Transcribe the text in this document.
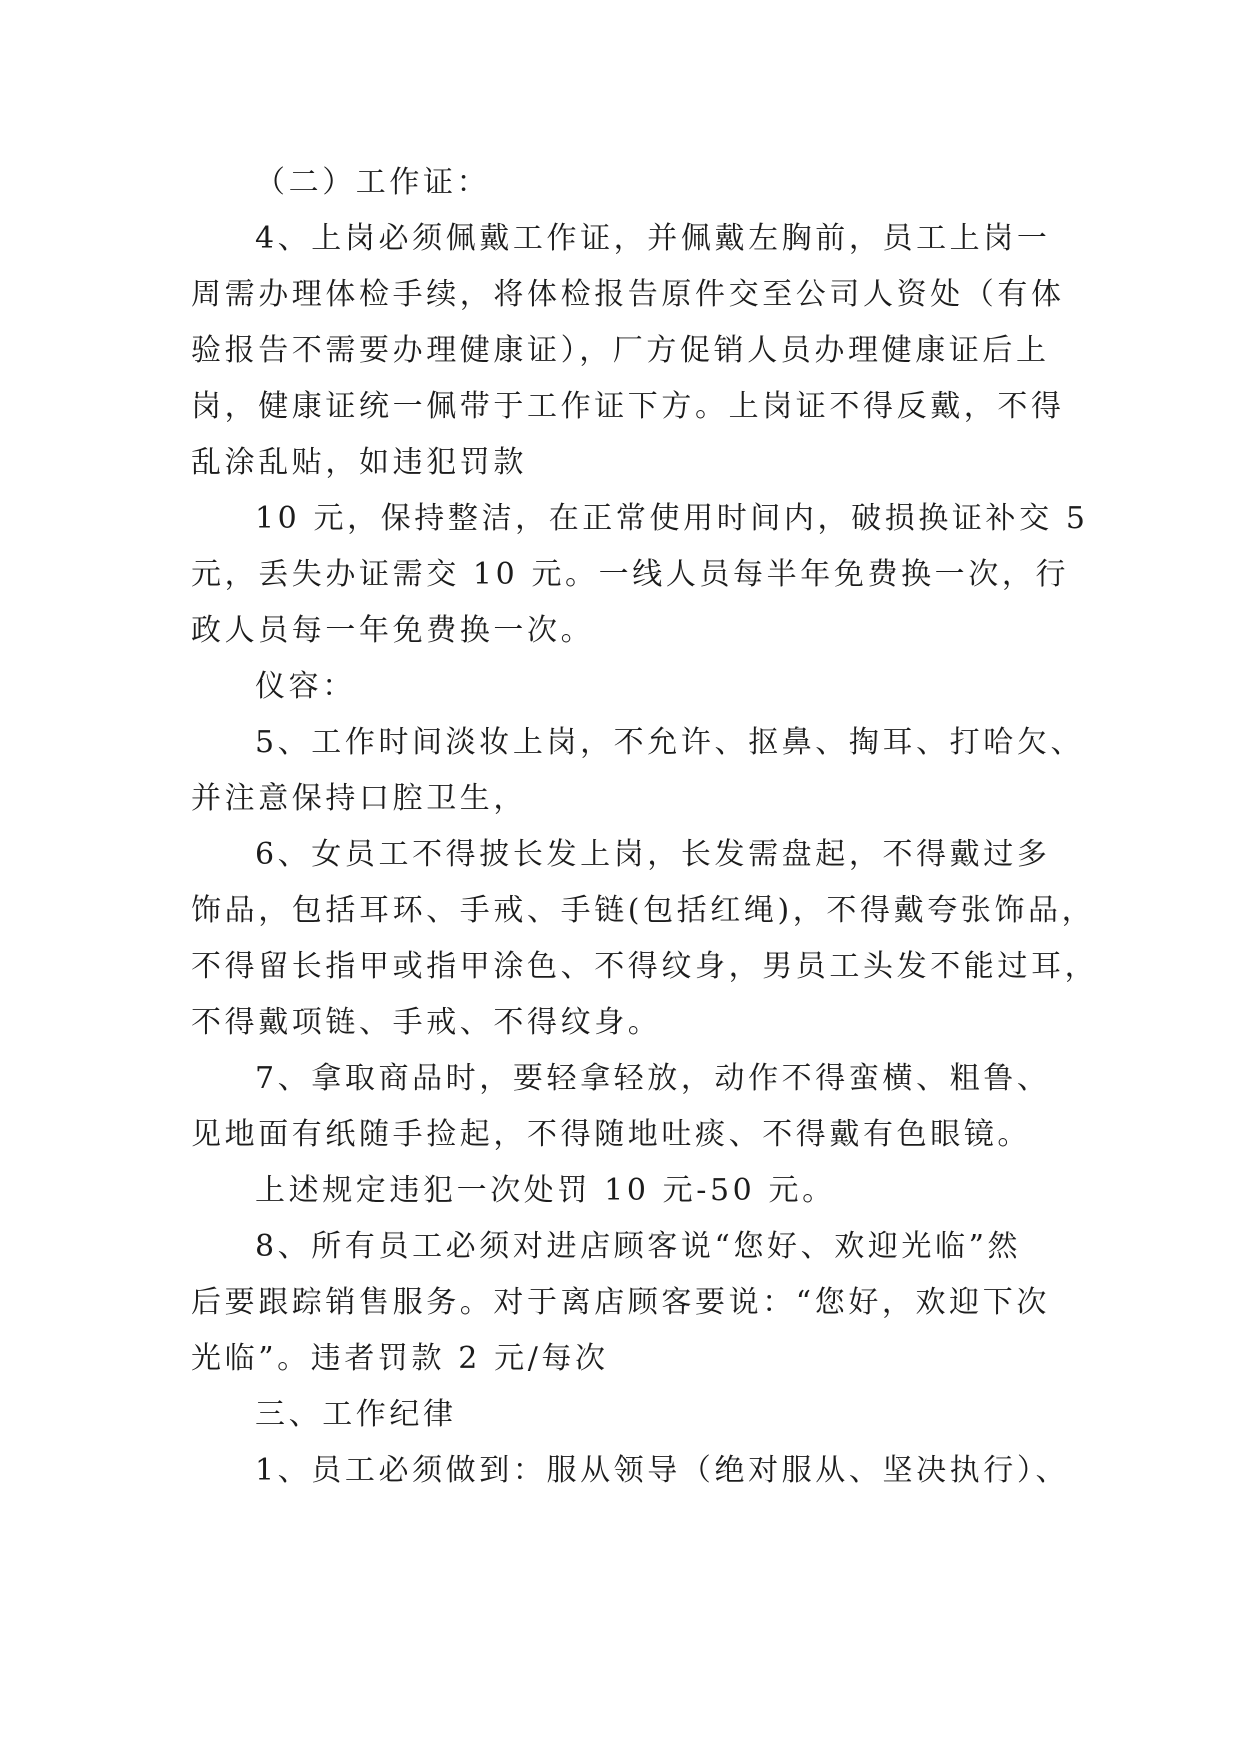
（二）工作证：
4、上岗必须佩戴工作证，并佩戴左胸前，员工上岗一
周需办理体检手续，将体检报告原件交至公司人资处（有体
验报告不需要办理健康证），厂方促销人员办理健康证后上
岗，健康证统一佩带于工作证下方。上岗证不得反戴，不得
乱涂乱贴，如违犯罚款
10 元，保持整洁，在正常使用时间内，破损换证补交 5
元，丢失办证需交 10 元。一线人员每半年免费换一次，行
政人员每一年免费换一次。
仪容：
5、工作时间淡妆上岗，不允许、抠鼻、掏耳、打哈欠、
并注意保持口腔卫生，
6、女员工不得披长发上岗，长发需盘起，不得戴过多
饰品，包括耳环、手戒、手链(包括红绳)，不得戴夸张饰品，
不得留长指甲或指甲涂色、不得纹身，男员工头发不能过耳，
不得戴项链、手戒、不得纹身。
7、拿取商品时，要轻拿轻放，动作不得蛮横、粗鲁、
见地面有纸随手捡起，不得随地吐痰、不得戴有色眼镜。
上述规定违犯一次处罚 10 元-50 元。
8、所有员工必须对进店顾客说“您好、欢迎光临”然
后要跟踪销售服务。对于离店顾客要说：“您好，欢迎下次
光临”。违者罚款 2 元/每次
三、工作纪律
1、员工必须做到：服从领导（绝对服从、坚决执行）、
